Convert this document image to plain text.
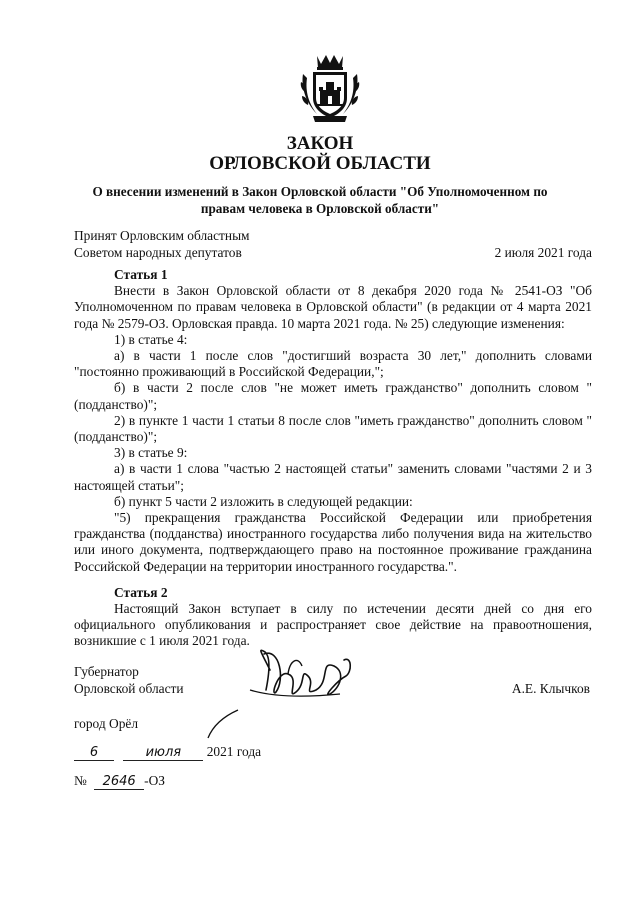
ЗАКОН
ОРЛОВСКОЙ ОБЛАСТИ
О внесении изменений в Закон Орловской области "Об Уполномоченном по правам человека в Орловской области"
Принят Орловским областным
Советом народных депутатов	2 июля 2021 года
Статья 1

Внести в Закон Орловской области от 8 декабря 2020 года № 2541-ОЗ "Об Уполномоченном по правам человека в Орловской области" (в редакции от 4 марта 2021 года № 2579-ОЗ. Орловская правда. 10 марта 2021 года. № 25) следующие изменения:

1) в статье 4:

а) в части 1 после слов "достигший возраста 30 лет," дополнить словами "постоянно проживающий в Российской Федерации,";

б) в части 2 после слов "не может иметь гражданство" дополнить словом "(подданство)";

2) в пункте 1 части 1 статьи 8 после слов "иметь гражданство" дополнить словом "(подданство)";

3) в статье 9:

а) в части 1 слова "частью 2 настоящей статьи" заменить словами "частями 2 и 3 настоящей статьи";

б) пункт 5 части 2 изложить в следующей редакции:

"5) прекращения гражданства Российской Федерации или приобретения гражданства (подданства) иностранного государства либо получения вида на жительство или иного документа, подтверждающего право на постоянное проживание гражданина Российской Федерации на территории иностранного государства.".

Статья 2

Настоящий Закон вступает в силу по истечении десяти дней со дня его официального опубликования и распространяет свое действие на правоотношения, возникшие с 1 июля 2021 года.

Губернатор
Орловской области	А.Е. Клычков
город Орёл
6	июля 2021 года
№ 2646 -ОЗ
